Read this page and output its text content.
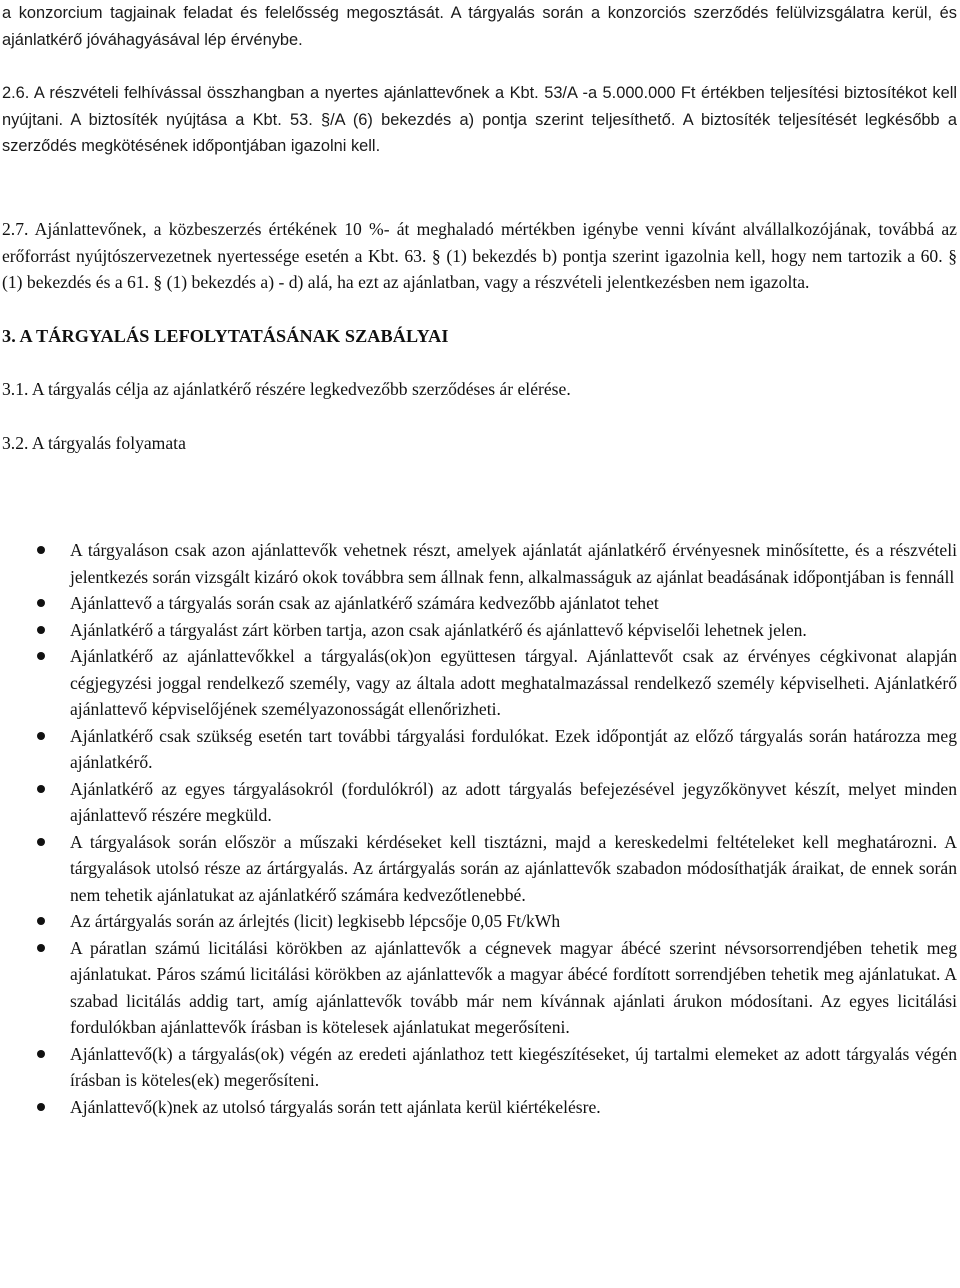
a konzorcium tagjainak feladat és felelősség megosztását. A tárgyalás során a konzorciós szerződés felülvizsgálatra kerül, és ajánlatkérő jóváhagyásával lép érvénybe.

2.6. A részvételi felhívással összhangban a nyertes ajánlattevőnek a Kbt. 53/A -a 5.000.000 Ft értékben teljesítési biztosítékot kell nyújtani. A biztosíték nyújtása a Kbt. 53. §/A (6) bekezdés a) pontja szerint teljesíthető. A biztosíték teljesítését legkésőbb a szerződés megkötésének időpontjában igazolni kell.

2.7. Ajánlattevőnek, a közbeszerzés értékének 10 %- át meghaladó mértékben igénybe venni kívánt alvállalkozójának, továbbá az erőforrást nyújtószervezetnek nyertessége esetén a Kbt. 63. § (1) bekezdés b) pontja szerint igazolnia kell, hogy nem tartozik a 60. § (1) bekezdés és a 61. § (1) bekezdés a) - d) alá, ha ezt az ajánlatban, vagy a részvételi jelentkezésben nem igazolta.

3. A TÁRGYALÁS LEFOLYTATÁSÁNAK SZABÁLYAI

3.1. A tárgyalás célja az ajánlatkérő részére legkedvezőbb szerződéses ár elérése.

3.2. A tárgyalás folyamata

A tárgyaláson csak azon ajánlattevők vehetnek részt, amelyek ajánlatát ajánlatkérő érvényesnek minősítette, és a részvételi jelentkezés során vizsgált kizáró okok továbbra sem állnak fenn, alkalmasságuk az ajánlat beadásának időpontjában is fennáll
Ajánlattevő a tárgyalás során csak az ajánlatkérő számára kedvezőbb ajánlatot tehet
Ajánlatkérő a tárgyalást zárt körben tartja, azon csak ajánlatkérő és ajánlattevő képviselői lehetnek jelen.
Ajánlatkérő az ajánlattevőkkel a tárgyalás(ok)on együttesen tárgyal. Ajánlattevőt csak az érvényes cégkivonat alapján cégjegyzési joggal rendelkező személy, vagy az általa adott meghatalmazással rendelkező személy képviselheti. Ajánlatkérő ajánlattevő képviselőjének személyazonosságát ellenőrizheti.
Ajánlatkérő csak szükség esetén tart további tárgyalási fordulókat. Ezek időpontját az előző tárgyalás során határozza meg ajánlatkérő.
Ajánlatkérő az egyes tárgyalásokról (fordulókról) az adott tárgyalás befejezésével jegyzőkönyvet készít, melyet minden ajánlattevő részére megküld.
A tárgyalások során először a műszaki kérdéseket kell tisztázni, majd a kereskedelmi feltételeket kell meghatározni. A tárgyalások utolsó része az ártárgyalás. Az ártárgyalás során az ajánlattevők szabadon módosíthatják áraikat, de ennek során nem tehetik ajánlatukat az ajánlatkérő számára kedvezőtlenebbé.
Az ártárgyalás során az árlejtés (licit) legkisebb lépcsője 0,05 Ft/kWh
A páratlan számú licitálási körökben az ajánlattevők a cégnevek magyar ábécé szerint névsorsorrendjében tehetik meg ajánlatukat. Páros számú licitálási körökben az ajánlattevők a magyar ábécé fordított sorrendjében tehetik meg ajánlatukat. A szabad licitálás addig tart, amíg ajánlattevők tovább már nem kívánnak ajánlati árukon módosítani. Az egyes licitálási fordulókban ajánlattevők írásban is kötelesek ajánlatukat megerősíteni.
Ajánlattevő(k) a tárgyalás(ok) végén az eredeti ajánlathoz tett kiegészítéseket, új tartalmi elemeket az adott tárgyalás végén írásban is köteles(ek) megerősíteni.
Ajánlattevő(k)nek az utolsó tárgyalás során tett ajánlata kerül kiértékelésre.
